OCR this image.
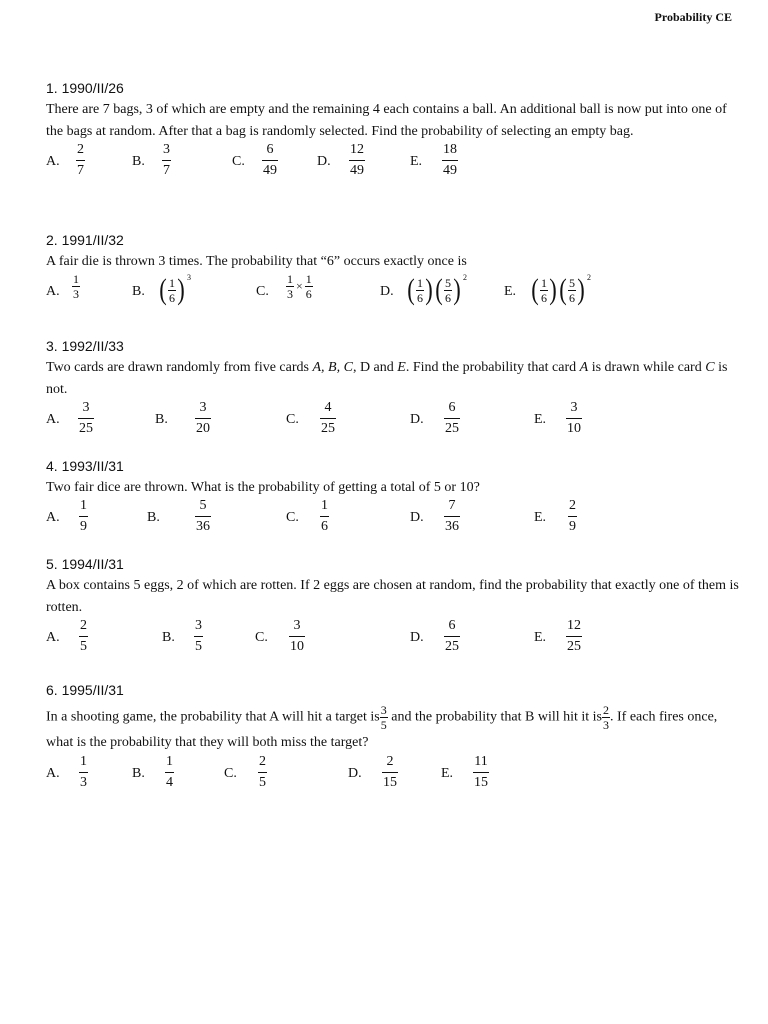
Probability CE
1. 1990/II/26

There are 7 bags, 3 of which are empty and the remaining 4 each contains a ball. An additional ball is now put into one of the bags at random. After that a bag is randomly selected. Find the probability of selecting an empty bag.

A. $\frac{2}{7}$	B. $\frac{3}{7}$	C. $\frac{6}{49}$	D. $\frac{12}{49}$	E. $\frac{18}{49}$
2. 1991/II/32

A fair die is thrown 3 times. The probability that “6” occurs exactly once is

A. $\frac{1}{3}$	B. ( $\frac{1}{6}$ ) 3
C. $\frac{1}{3} \times \frac{1}{6}$	D. ( $\frac{1}{6}$ ) ( $\frac{5}{6}$ ) 2
E. ( $\frac{1}{6}$ ) ( $\frac{5}{6}$ ) 2
3. 1992/II/33

Two cards are drawn randomly from five cards A, B, C, D and E. Find the probability that card A is drawn while card C is not.

A. $\frac{3}{25}$	B. $\frac{3}{20}$	C. $\frac{4}{25}$	D. $\frac{6}{25}$	E. $\frac{3}{10}$
4. 1993/II/31

Two fair dice are thrown. What is the probability of getting a total of 5 or 10?

A. $\frac{1}{9}$	B.	$\frac{5}{36}$	C. $\frac{1}{6}$	D. $\frac{7}{36}$	E. $\frac{2}{9}$
5. 1994/II/31

A box contains 5 eggs, 2 of which are rotten. If 2 eggs are chosen at random, find the probability that exactly one of them is rotten.

A. $\frac{2}{5}$	B. $\frac{3}{5}$	C. $\frac{3}{10}$	D. $\frac{6}{25}$	E. $\frac{12}{25}$
6. 1995/II/31

In a shooting game, the probability that A will hit a target is $\frac{3}{5}$ and the probability that B will hit it is $\frac{2}{3}$ . If each fires once, what is the probability that they will both miss the target?

A. $\frac{1}{3}$	B. $\frac{1}{4}$	C. $\frac{2}{5}$	D. $\frac{2}{15}$	E. $\frac{11}{15}$
